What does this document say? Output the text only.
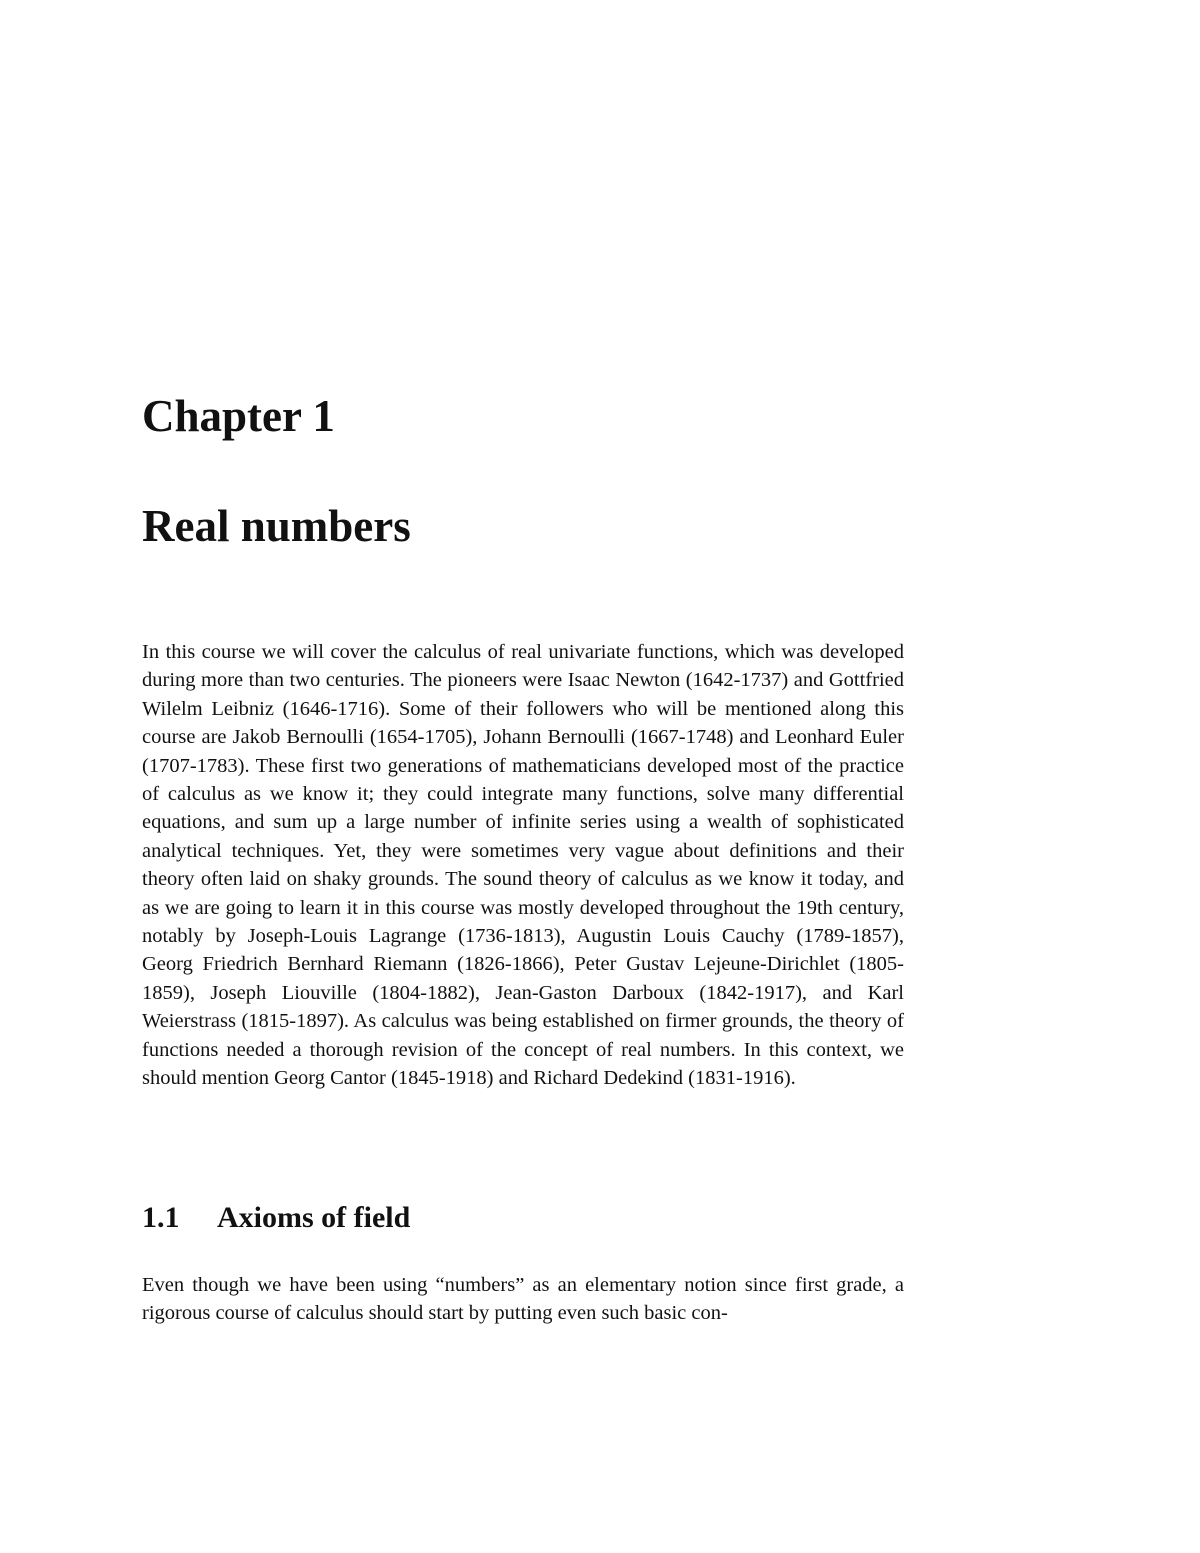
Chapter 1
Real numbers

In this course we will cover the calculus of real univariate functions, which was developed during more than two centuries. The pioneers were Isaac Newton (1642-1737) and Gottfried Wilelm Leibniz (1646-1716). Some of their followers who will be mentioned along this course are Jakob Bernoulli (1654-1705), Johann Bernoulli (1667-1748) and Leonhard Euler (1707-1783). These first two generations of mathematicians developed most of the practice of calculus as we know it; they could integrate many functions, solve many differential equations, and sum up a large number of infinite series using a wealth of sophisticated analytical techniques. Yet, they were sometimes very vague about definitions and their theory often laid on shaky grounds. The sound theory of calculus as we know it today, and as we are going to learn it in this course was mostly developed throughout the 19th century, notably by Joseph-Louis Lagrange (1736-1813), Augustin Louis Cauchy (1789-1857), Georg Friedrich Bernhard Riemann (1826-1866), Peter Gustav Lejeune-Dirichlet (1805-1859), Joseph Liouville (1804-1882), Jean-Gaston Darboux (1842-1917), and Karl Weierstrass (1815-1897). As calculus was being established on firmer grounds, the theory of functions needed a thorough revision of the concept of real numbers. In this context, we should mention Georg Cantor (1845-1918) and Richard Dedekind (1831-1916).

1.1 Axioms of field

Even though we have been using “numbers” as an elementary notion since first grade, a rigorous course of calculus should start by putting even such basic con-
